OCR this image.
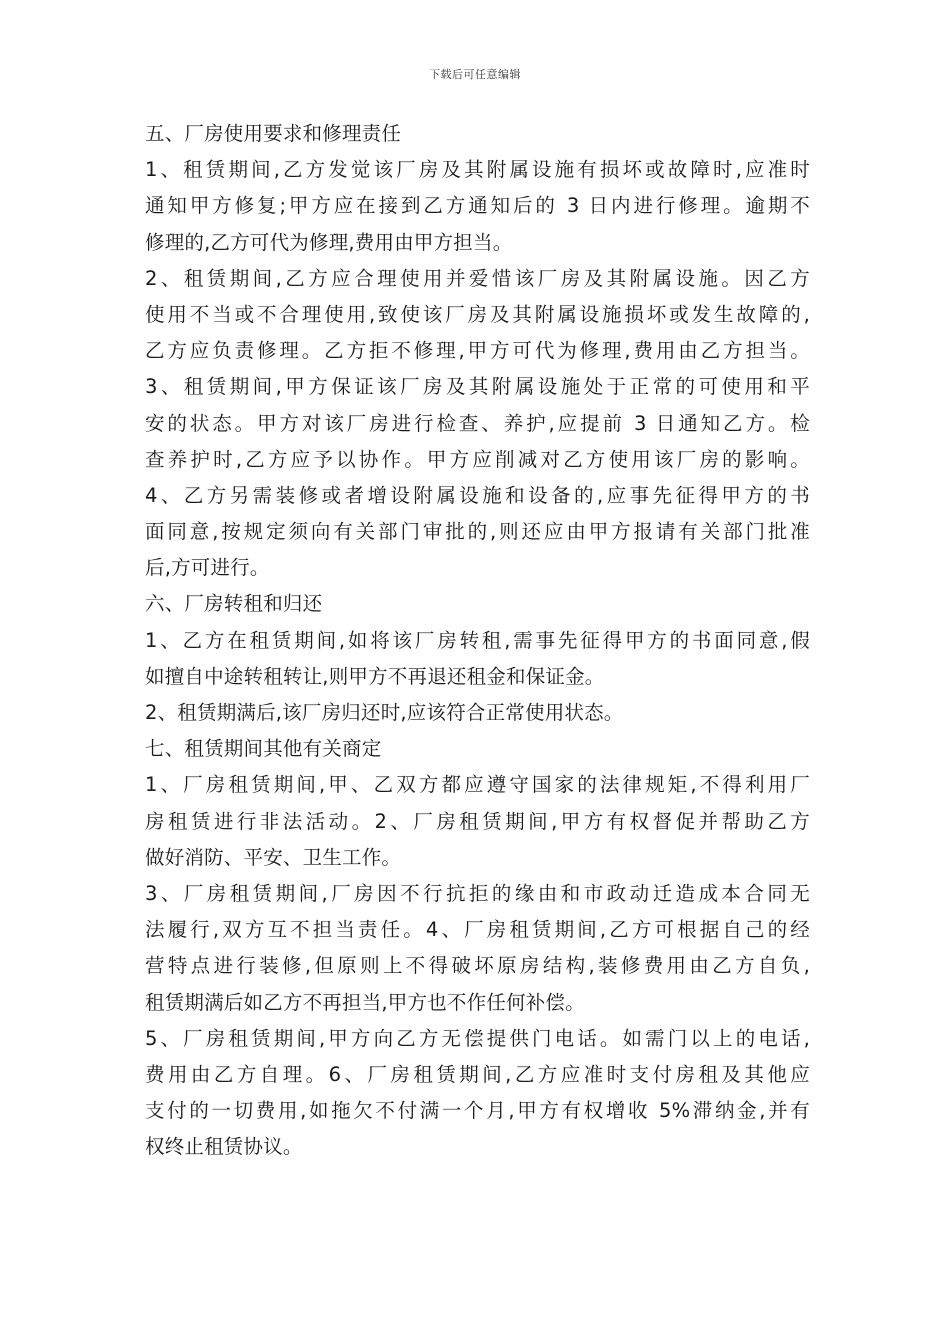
下载后可任意编辑
五、厂房使用要求和修理责任
1、租赁期间,乙方发觉该厂房及其附属设施有损坏或故障时,应准时
通知甲方修复;甲方应在接到乙方通知后的 3 日内进行修理。逾期不
修理的,乙方可代为修理,费用由甲方担当。
2、租赁期间,乙方应合理使用并爱惜该厂房及其附属设施。因乙方
使用不当或不合理使用,致使该厂房及其附属设施损坏或发生故障的,
乙方应负责修理。乙方拒不修理,甲方可代为修理,费用由乙方担当。
3、租赁期间,甲方保证该厂房及其附属设施处于正常的可使用和平
安的状态。甲方对该厂房进行检查、养护,应提前 3 日通知乙方。检
查养护时,乙方应予以协作。甲方应削减对乙方使用该厂房的影响。
4、乙方另需装修或者增设附属设施和设备的,应事先征得甲方的书
面同意,按规定须向有关部门审批的,则还应由甲方报请有关部门批准
后,方可进行。
六、厂房转租和归还
1、乙方在租赁期间,如将该厂房转租,需事先征得甲方的书面同意,假
如擅自中途转租转让,则甲方不再退还租金和保证金。
2、租赁期满后,该厂房归还时,应该符合正常使用状态。
七、租赁期间其他有关商定
1、厂房租赁期间,甲、乙双方都应遵守国家的法律规矩,不得利用厂
房租赁进行非法活动。2、厂房租赁期间,甲方有权督促并帮助乙方
做好消防、平安、卫生工作。
3、厂房租赁期间,厂房因不行抗拒的缘由和市政动迁造成本合同无
法履行,双方互不担当责任。4、厂房租赁期间,乙方可根据自己的经
营特点进行装修,但原则上不得破坏原房结构,装修费用由乙方自负,
租赁期满后如乙方不再担当,甲方也不作任何补偿。
5、厂房租赁期间,甲方向乙方无偿提供门电话。如需门以上的电话,
费用由乙方自理。6、厂房租赁期间,乙方应准时支付房租及其他应
支付的一切费用,如拖欠不付满一个月,甲方有权增收 5%滞纳金,并有
权终止租赁协议。
